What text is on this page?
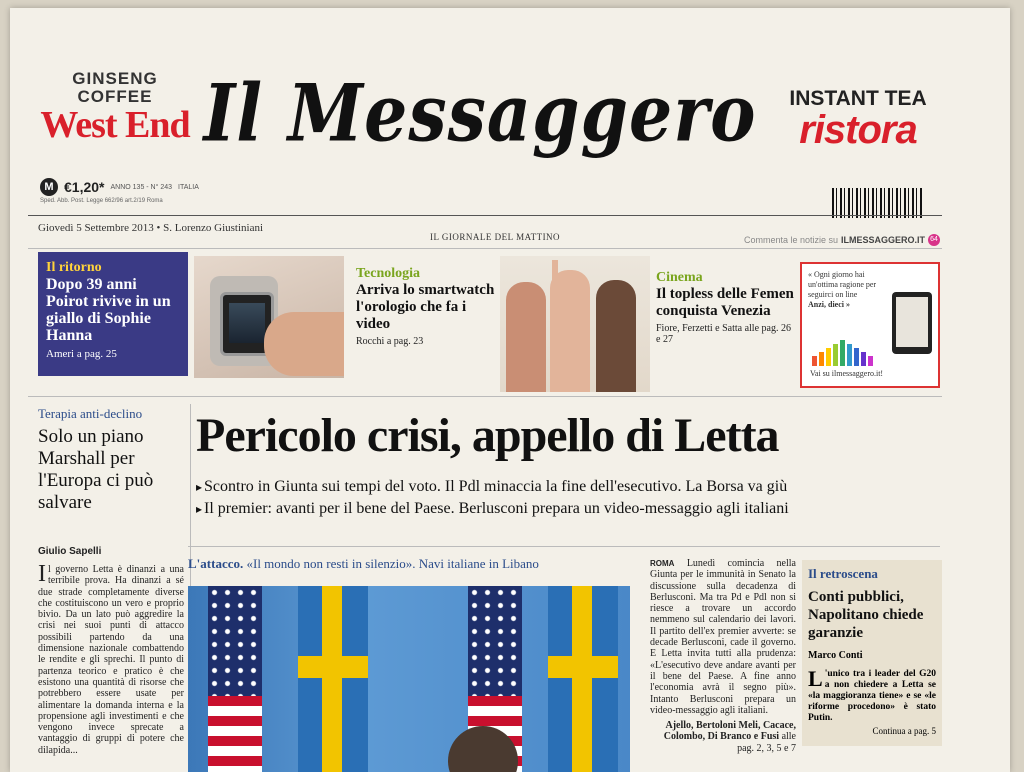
GINSENG
COFFEE
West End Il Messaggero INSTANT TEA
ristora
M €1,20* ANNO 135 - N° 243 ITALIA
Sped. Abb. Post. Legge 662/96 art.2/19 Roma
Giovedì 5 Settembre 2013 • S. Lorenzo Giustiniani
IL GIORNALE DEL MATTINO	Commenta le notizie su ILMESSAGGERO.IT 64
Il ritorno
Dopo 39 anni Poirot rivive in un giallo di Sophie Hanna
Ameri a pag. 25
Tecnologia
Arriva lo smartwatch l'orologio che fa i video
Rocchi a pag. 23
Cinema
Il topless delle Femen conquista Venezia
Fiore, Ferzetti e Satta alle pag. 26 e 27
« Ogni giorno hai un'ottima ragione per seguirci on line
Anzi, dieci »
Vai su ilmessaggero.it!
Terapia anti-declino
Solo un piano Marshall per l'Europa ci può salvare
Giulio Sapelli
Il governo Letta è dinanzi a una terribile prova. Ha dinanzi a sé due strade completamente diverse che costituiscono un vero e proprio bivio. Da un lato può aggredire la crisi nei suoi punti di attacco possibili partendo da una dimensione nazionale combattendo le rendite e gli sprechi. Il punto di partenza teorico e pratico è che esistono una quantità di risorse che potrebbero essere usate per alimentare la domanda interna e la propensione agli investimenti e che vengono invece sprecate a vantaggio di gruppi di potere che dilapida...
Pericolo crisi, appello di Letta
▸ Scontro in Giunta sui tempi del voto. Il Pdl minaccia la fine dell'esecutivo. La Borsa va giù
▸ Il premier: avanti per il bene del Paese. Berlusconi prepara un video-messaggio agli italiani
L'attacco. «Il mondo non resti in silenzio». Navi italiane in Libano	ROMA Lunedì comincia nella Giunta per le immunità in Senato la discussione sulla decadenza di Berlusconi. Ma tra Pd e Pdl non si riesce a trovare un accordo nemmeno sul calendario dei lavori. Il partito dell'ex premier avverte: se decade Berlusconi, cade il governo. E Letta invita tutti alla prudenza: «L'esecutivo deve andare avanti per il bene del Paese. A fine anno l'economia avrà il segno più». Intanto Berlusconi prepara un video-messaggio agli italiani.
Ajello, Bertoloni Meli, Cacace, Colombo, Di Branco e Fusi alle pag. 2, 3, 5 e 7
Il retroscena
Conti pubblici, Napolitano chiede garanzie
Marco Conti
L 'unico tra i leader del G20 a non chiedere a Letta se «la maggioranza tiene» e se «le riforme procedono» è stato Putin.
Continua a pag. 5
